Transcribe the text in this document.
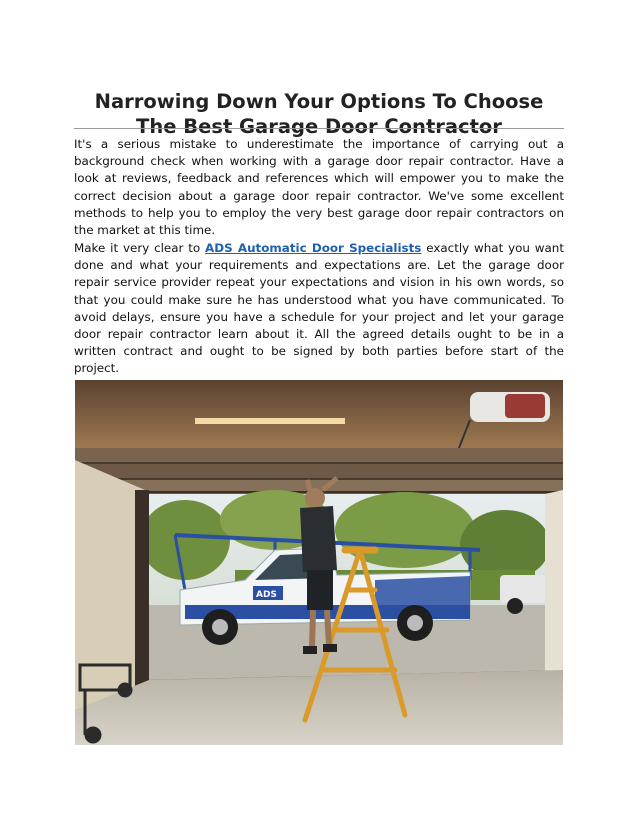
Narrowing Down Your Options To Choose The Best Garage Door Contractor

It's a serious mistake to underestimate the importance of carrying out a background check when working with a garage door repair contractor. Have a look at reviews, feedback and references which will empower you to make the correct decision about a garage door repair contractor. We've some excellent methods to help you to employ the very best garage door repair contractors on the market at this time.

Make it very clear to ADS Automatic Door Specialists exactly what you want done and what your requirements and expectations are. Let the garage door repair service provider repeat your expectations and vision in his own words, so that you could make sure he has understood what you have communicated. To avoid delays, ensure you have a schedule for your project and let your garage door repair contractor learn about it. All the agreed details ought to be in a written contract and ought to be signed by both parties before start of the project.

ADS
